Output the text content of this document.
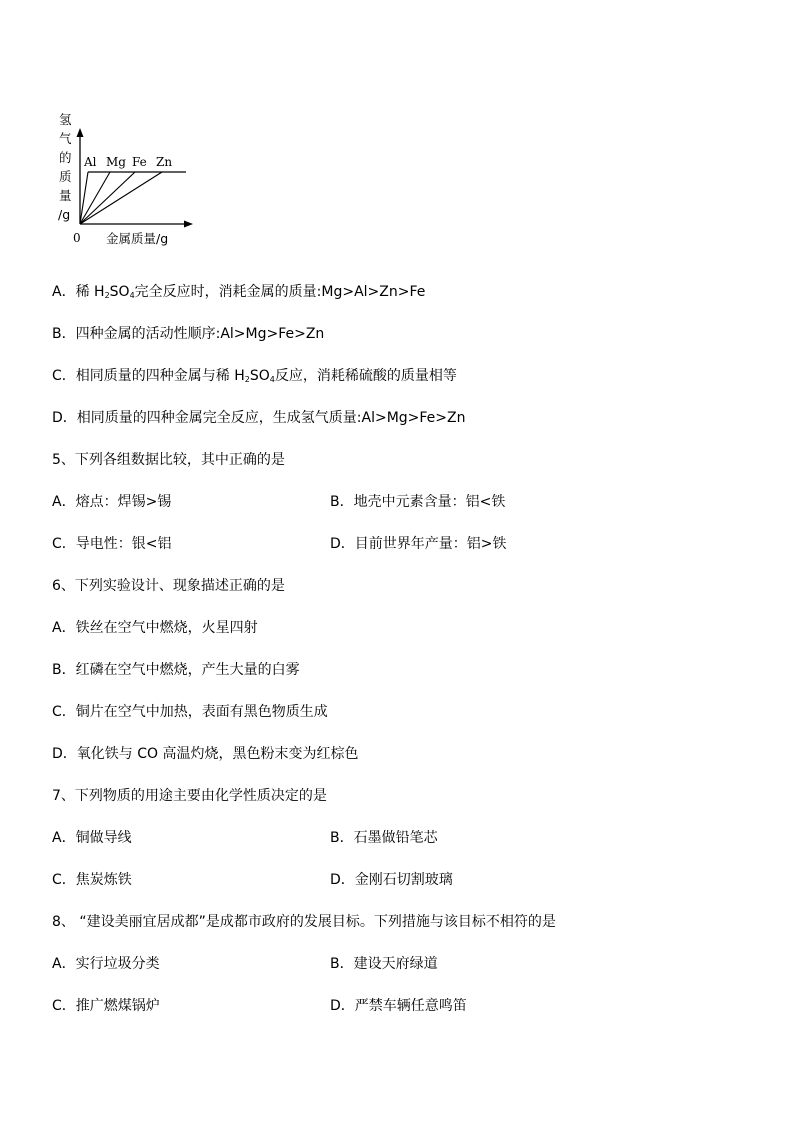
氢
气
的
质
量
/g
Al Mg Fe Zn
0 金属质量/g
A．稀 $H_2SO_4$完全反应时，消耗金属的质量:Mg>Al>Zn>Fe
B．四种金属的活动性顺序:Al>Mg>Fe>Zn
C．相同质量的四种金属与稀 $H_2SO_4$反应，消耗稀硫酸的质量相等
D．相同质量的四种金属完全反应，生成氢气质量:Al>Mg>Fe>Zn
5、下列各组数据比较，其中正确的是
A．熔点：焊锡>锡	B．地壳中元素含量：铝<铁
C．导电性：银<铝	D．目前世界年产量：铝>铁
6、下列实验设计、现象描述正确的是
A．铁丝在空气中燃烧，火星四射
B．红磷在空气中燃烧，产生大量的白雾
C．铜片在空气中加热，表面有黑色物质生成
D．氧化铁与 CO 高温灼烧，黑色粉末变为红棕色
7、下列物质的用途主要由化学性质决定的是
A．铜做导线	B．石墨做铅笔芯
C．焦炭炼铁	D．金刚石切割玻璃
8、 “建设美丽宜居成都”是成都市政府的发展目标。下列措施与该目标不相符的是
A．实行垃圾分类	B．建设天府绿道
C．推广燃煤锅炉	D．严禁车辆任意鸣笛
